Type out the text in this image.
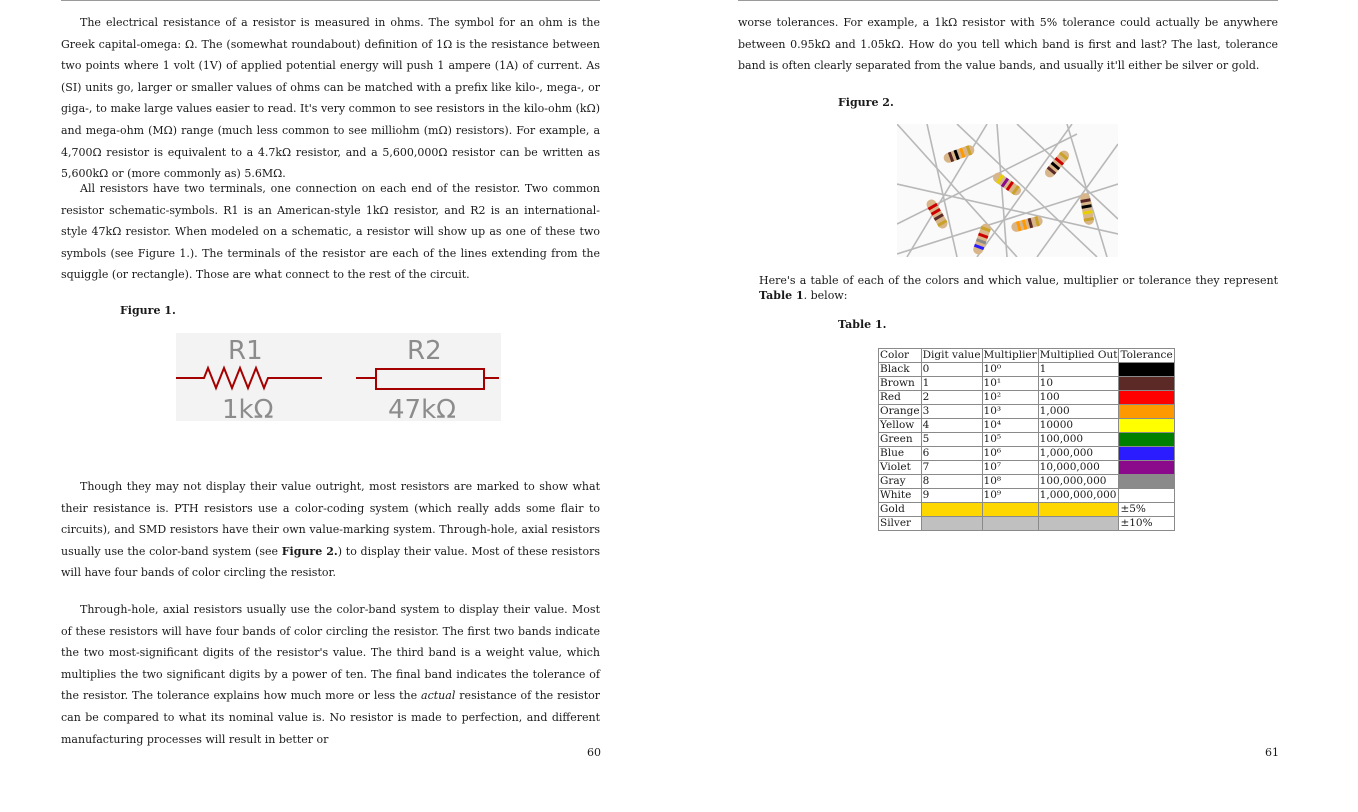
The electrical resistance of a resistor is measured in ohms. The symbol for an ohm is the Greek capital-omega: Ω. The (somewhat roundabout) definition of 1Ω is the resistance between two points where 1 volt (1V) of applied potential energy will push 1 ampere (1A) of current. As (SI) units go, larger or smaller values of ohms can be matched with a prefix like kilo-, mega-, or giga-, to make large values easier to read. It's very common to see resistors in the kilo-ohm (kΩ) and mega-ohm (MΩ) range (much less common to see milliohm (mΩ) resistors). For example, a 4,700Ω resistor is equivalent to a 4.7kΩ resistor, and a 5,600,000Ω resistor can be written as 5,600kΩ or (more commonly as) 5.6MΩ.

All resistors have two terminals, one connection on each end of the resistor. Two common resistor schematic-symbols. R1 is an American-style 1kΩ resistor, and R2 is an international-style 47kΩ resistor. When modeled on a schematic, a resistor will show up as one of these two symbols (see Figure 1.). The terminals of the resistor are each of the lines extending from the squiggle (or rectangle). Those are what connect to the rest of the circuit.

Figure 1.
R1
1kΩ
R2
47kΩ

Though they may not display their value outright, most resistors are marked to show what their resistance is. PTH resistors use a color-coding system (which really adds some flair to circuits), and SMD resistors have their own value-marking system. Through-hole, axial resistors usually use the color-band system (see Figure 2.) to display their value. Most of these resistors will have four bands of color circling the resistor.

Through-hole, axial resistors usually use the color-band system to display their value. Most of these resistors will have four bands of color circling the resistor. The first two bands indicate the two most-significant digits of the resistor's value. The third band is a weight value, which multiplies the two significant digits by a power of ten. The final band indicates the tolerance of the resistor. The tolerance explains how much more or less the actual resistance of the resistor can be compared to what its nominal value is. No resistor is made to perfection, and different manufacturing processes will result in better or

60

worse tolerances. For example, a 1kΩ resistor with 5% tolerance could actually be anywhere between 0.95kΩ and 1.05kΩ. How do you tell which band is first and last? The last, tolerance band is often clearly separated from the value bands, and usually it'll either be silver or gold.

Figure 2.

Here's a table of each of the colors and which value, multiplier or tolerance they represent Table 1. below:

Table 1.
61
Color	Digit value	Multiplier	Multiplied Out	Tolerance
Black	0	10⁰	1	
Brown	1	10¹	10	
Red	2	10²	100	
Orange	3	10³	1,000	
Yellow	4	10⁴	10000	
Green	5	10⁵	100,000	
Blue	6	10⁶	1,000,000	
Violet	7	10⁷	10,000,000	
Gray	8	10⁸	100,000,000	
White	9	10⁹	1,000,000,000	
Gold				±5%
Silver				±10%
